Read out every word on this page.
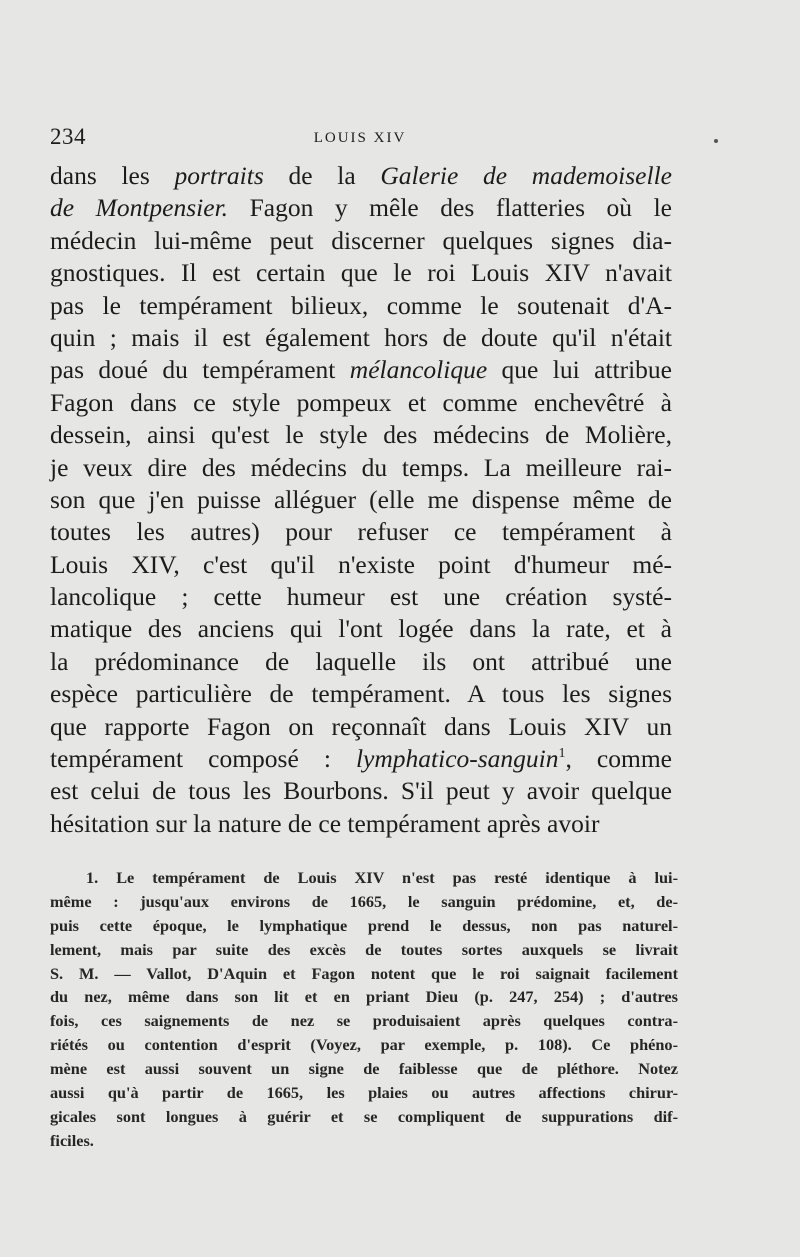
234	LOUIS XIV
dans les portraits de la Galerie de mademoiselle
de Montpensier. Fagon y mêle des flatteries où le
médecin lui-même peut discerner quelques signes dia-
gnostiques. Il est certain que le roi Louis XIV n'avait
pas le tempérament bilieux, comme le soutenait d'A-
quin ; mais il est également hors de doute qu'il n'était
pas doué du tempérament mélancolique que lui attribue
Fagon dans ce style pompeux et comme enchevêtré à
dessein, ainsi qu'est le style des médecins de Molière,
je veux dire des médecins du temps. La meilleure rai-
son que j'en puisse alléguer (elle me dispense même de
toutes les autres) pour refuser ce tempérament à
Louis XIV, c'est qu'il n'existe point d'humeur mé-
lancolique ; cette humeur est une création systé-
matique des anciens qui l'ont logée dans la rate, et à
la prédominance de laquelle ils ont attribué une
espèce particulière de tempérament. A tous les signes
que rapporte Fagon on reçonnaît dans Louis XIV un
tempérament composé : lymphatico-sanguin$^1$, comme
est celui de tous les Bourbons. S'il peut y avoir quelque
hésitation sur la nature de ce tempérament après avoir
1. Le tempérament de Louis XIV n'est pas resté identique à lui-
même : jusqu'aux environs de 1665, le sanguin prédomine, et, de-
puis cette époque, le lymphatique prend le dessus, non pas naturel-
lement, mais par suite des excès de toutes sortes auxquels se livrait
S. M. — Vallot, D'Aquin et Fagon notent que le roi saignait facilement
du nez, même dans son lit et en priant Dieu (p. 247, 254) ; d'autres
fois, ces saignements de nez se produisaient après quelques contra-
riétés ou contention d'esprit (Voyez, par exemple, p. 108). Ce phéno-
mène est aussi souvent un signe de faiblesse que de pléthore. Notez
aussi qu'à partir de 1665, les plaies ou autres affections chirur-
gicales sont longues à guérir et se compliquent de suppurations dif-
ficiles.
